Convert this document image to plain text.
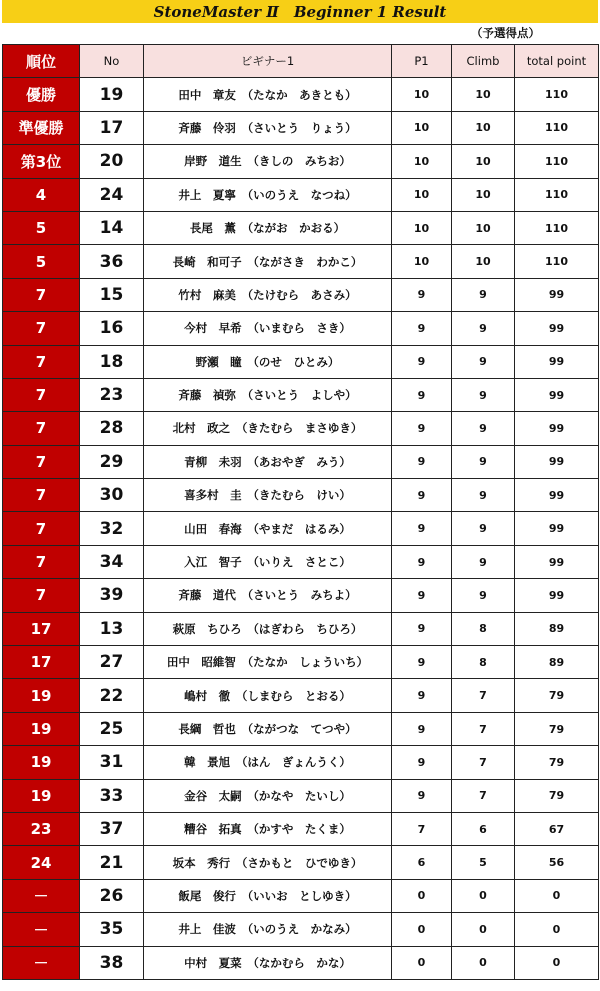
StoneMaster Ⅱ　Beginner 1 Result
（予選得点）
順位	No	ビギナー1	P1	Climb	total point
優勝	19	田中　章友　（たなか　あきとも）	10	10	110
準優勝	17	斉藤　伶羽　（さいとう　りょう）	10	10	110
第3位	20	岸野　道生　（きしの　みちお）	10	10	110
4	24	井上　夏寧　（いのうえ　なつね）	10	10	110
5	14	長尾　薫　（ながお　かおる）	10	10	110
5	36	長崎　和可子　（ながさき　わかこ）	10	10	110
7	15	竹村　麻美　（たけむら　あさみ）	9	9	99
7	16	今村　早希　（いまむら　さき）	9	9	99
7	18	野瀬　瞳　（のせ　ひとみ）	9	9	99
7	23	斉藤　禎弥　（さいとう　よしや）	9	9	99
7	28	北村　政之　（きたむら　まさゆき）	9	9	99
7	29	青柳　未羽　（あおやぎ　みう）	9	9	99
7	30	喜多村　圭　（きたむら　けい）	9	9	99
7	32	山田　春海　（やまだ　はるみ）	9	9	99
7	34	入江　智子　（いりえ　さとこ）	9	9	99
7	39	斉藤　道代　（さいとう　みちよ）	9	9	99
17	13	萩原　ちひろ　（はぎわら　ちひろ）	9	8	89
17	27	田中　昭維智　（たなか　しょういち）	9	8	89
19	22	嶋村　徹　（しまむら　とおる）	9	7	79
19	25	長綱　哲也　（ながつな　てつや）	9	7	79
19	31	韓　景旭　（はん　ぎょんうく）	9	7	79
19	33	金谷　太嗣　（かなや　たいし）	9	7	79
23	37	糟谷　拓真　（かすや　たくま）	7	6	67
24	21	坂本　秀行　（さかもと　ひでゆき）	6	5	56
－	26	飯尾　俊行　（いいお　としゆき）	0	0	0
－	35	井上　佳波　（いのうえ　かなみ）	0	0	0
－	38	中村　夏菜　（なかむら　かな）	0	0	0
